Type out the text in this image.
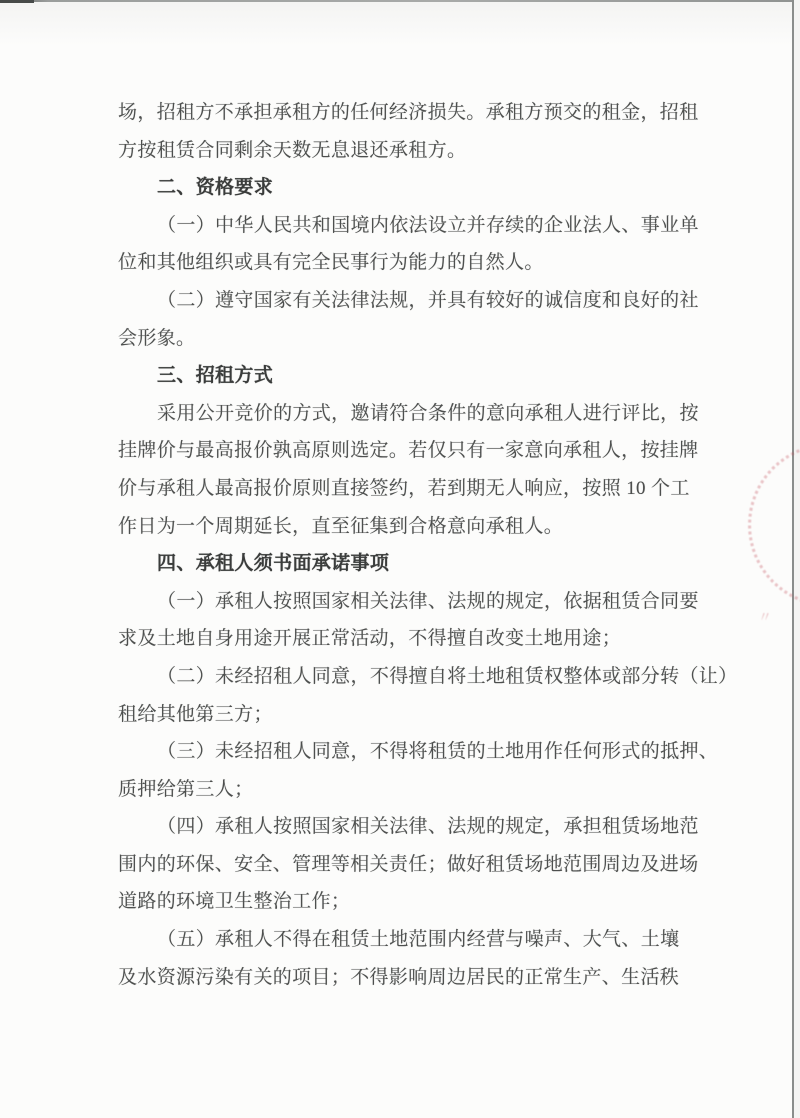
〃
场，招租方不承担承租方的任何经济损失。承租方预交的租金，招租
方按租赁合同剩余天数无息退还承租方。
二、资格要求
（一）中华人民共和国境内依法设立并存续的企业法人、事业单
位和其他组织或具有完全民事行为能力的自然人。
（二）遵守国家有关法律法规，并具有较好的诚信度和良好的社
会形象。
三、招租方式
采用公开竞价的方式，邀请符合条件的意向承租人进行评比，按
挂牌价与最高报价孰高原则选定。若仅只有一家意向承租人，按挂牌
价与承租人最高报价原则直接签约，若到期无人响应，按照 10 个工
作日为一个周期延长，直至征集到合格意向承租人。
四、承租人须书面承诺事项
（一）承租人按照国家相关法律、法规的规定，依据租赁合同要
求及土地自身用途开展正常活动，不得擅自改变土地用途；
（二）未经招租人同意，不得擅自将土地租赁权整体或部分转（让）
租给其他第三方；
（三）未经招租人同意，不得将租赁的土地用作任何形式的抵押、
质押给第三人；
（四）承租人按照国家相关法律、法规的规定，承担租赁场地范
围内的环保、安全、管理等相关责任；做好租赁场地范围周边及进场
道路的环境卫生整治工作；
（五）承租人不得在租赁土地范围内经营与噪声、大气、土壤
及水资源污染有关的项目；不得影响周边居民的正常生产、生活秩
